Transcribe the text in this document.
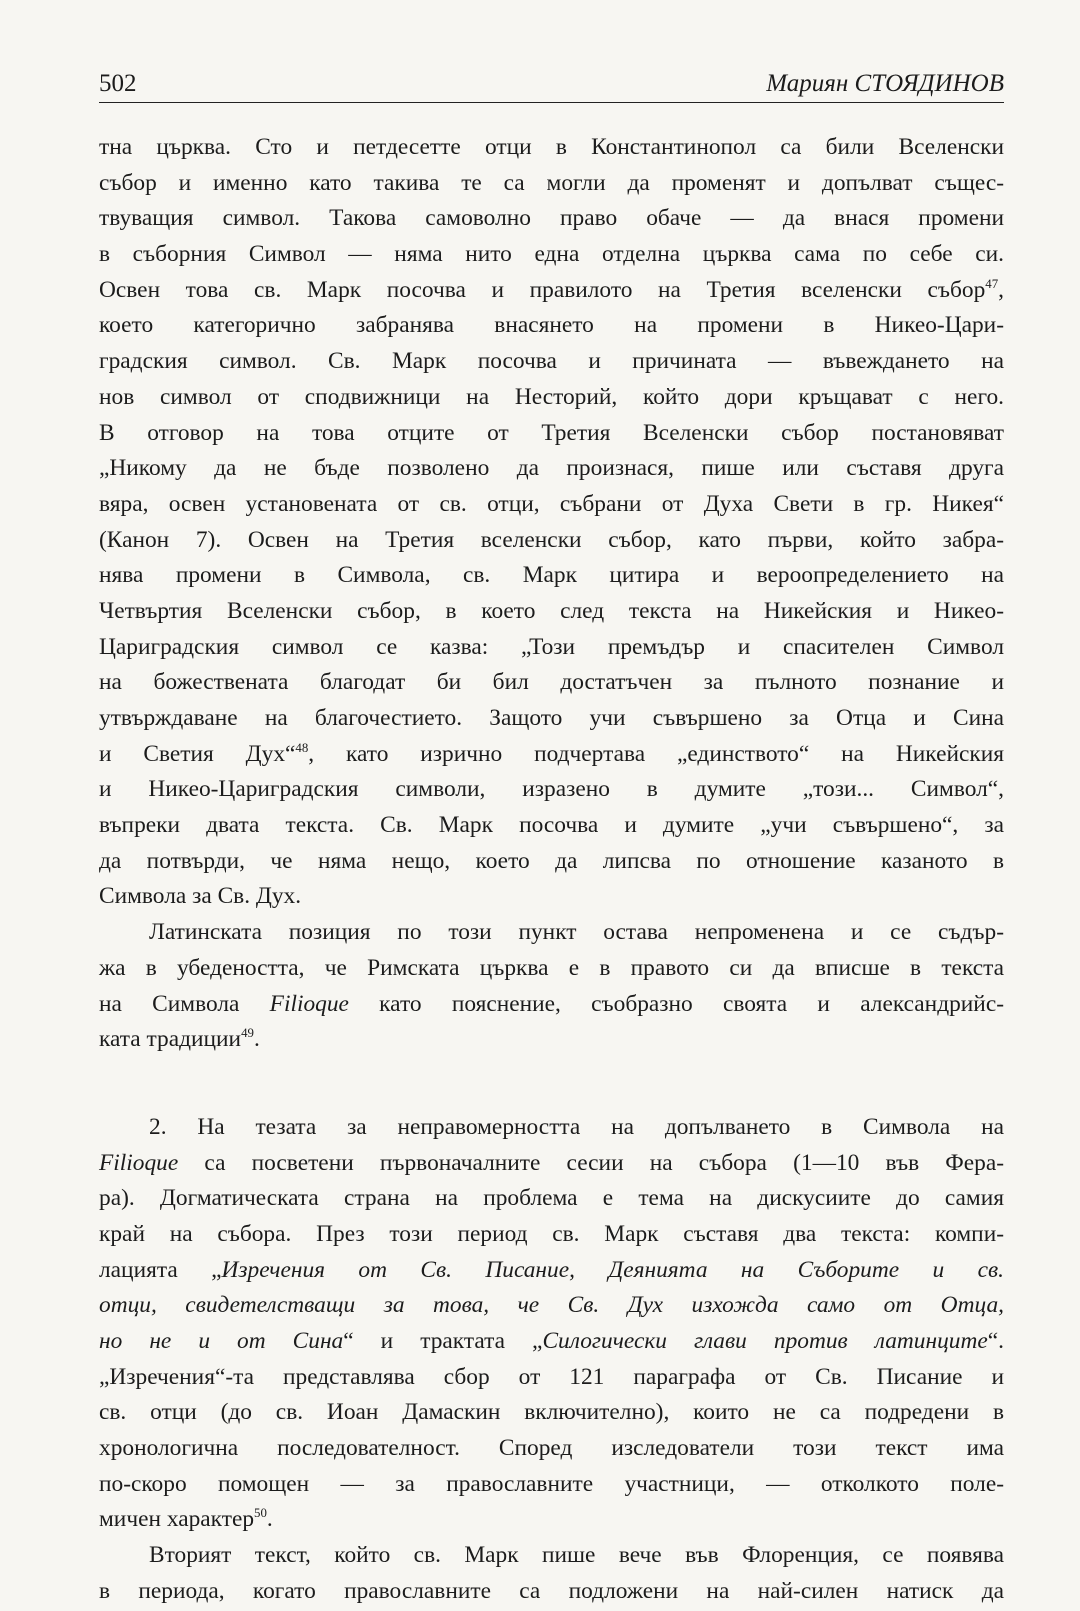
502	Мариян СТОЯДИНОВ
тна църква. Сто и петдесетте отци в Константинопол са били Вселенски
събор и именно като такива те са могли да променят и допълват същес-
твуващия символ. Такова самоволно право обаче — да внася промени
в съборния Символ — няма нито една отделна църква сама по себе си.
Освен това св. Марк посочва и правилото на Третия вселенски събор$^{47}$,
което категорично забранява внасянето на промени в Никео-Цари-
градския символ. Св. Марк посочва и причината — въвеждането на
нов символ от сподвижници на Несторий, който дори кръщават с него.
В отговор на това отците от Третия Вселенски събор постановяват
„Никому да не бъде позволено да произнася, пише или съставя друга
вяра, освен установената от св. отци, събрани от Духа Свети в гр. Никея“
(Канон 7). Освен на Третия вселенски събор, като първи, който забра-
нява промени в Символа, св. Марк цитира и вероопределението на
Четвъртия Вселенски събор, в което след текста на Никейския и Никео-
Цариградския символ се казва: „Този премъдър и спасителен Символ
на божествената благодат би бил достатъчен за пълното познание и
утвърждаване на благочестието. Защото учи съвършено за Отца и Сина
и Светия Дух“$^{48}$, като изрично подчертава „единството“ на Никейския
и Никео-Цариградския символи, изразено в думите „този... Символ“,
въпреки двата текста. Св. Марк посочва и думите „учи съвършено“, за
да потвърди, че няма нещо, което да липсва по отношение казаното в
Символа за Св. Дух.
Латинската позиция по този пункт остава непроменена и се съдър-
жа в убедеността, че Римската църква е в правото си да вписше в текста
на Символа Filioque като пояснение, съобразно своята и александрийс-
ката традиции$^{49}$.
2. На тезата за неправомерността на допълването в Символа на
Filioque са посветени първоначалните сесии на събора (1—10 във Фера-
ра). Догматическата страна на проблема е тема на дискусиите до самия
край на събора. През този период св. Марк съставя два текста: компи-
лацията „Изречения от Св. Писание, Деянията на Съборите и св.
отци, свидетелстващи за това, че Св. Дух изхожда само от Отца,
но не и от Сина“ и трактата „Силогически глави против латинците“.
„Изречения“-та представлява сбор от 121 параграфа от Св. Писание и
св. отци (до св. Иоан Дамаскин включително), които не са подредени в
хронологична последователност. Според изследователи този текст има
по-скоро помощен — за православните участници, — отколкото поле-
мичен характер$^{50}$.
Вторият текст, който св. Марк пише вече във Флоренция, се появява
в периода, когато православните са подложени на най-силен натиск да
